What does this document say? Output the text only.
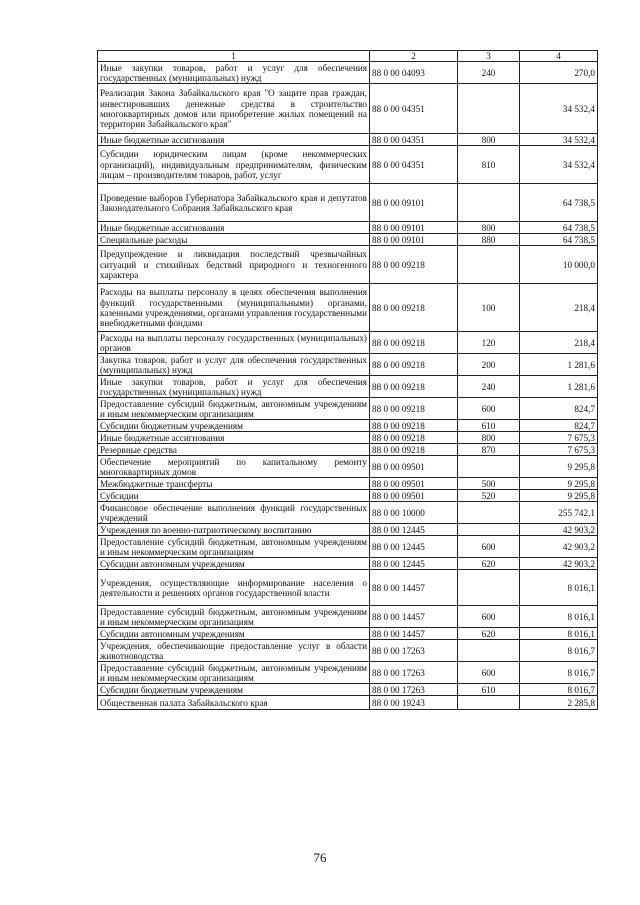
1	2	3	4
Иные закупки товаров, работ и услуг для обеспечения государственных (муниципальных) нужд	88 0 00 04093	240	270,0
Реализация Закона Забайкальского края "О защите прав граждан, инвестировавших денежные средства в строительство многоквартирных домов или приобретение жилых помещений на территории Забайкальского края"	88 0 00 04351		34 532,4
Иные бюджетные ассигнования	88 0 00 04351	800	34 532,4
Субсидии юридическим лицам (кроме некоммерческих организаций), индивидуальным предпринимателям, физическим лицам – производителям товаров, работ, услуг	88 0 00 04351	810	34 532,4
Проведение выборов Губернатора Забайкальского края и депутатов Законодательного Собрания Забайкальского края	88 0 00 09101		64 738,5
Иные бюджетные ассигнования	88 0 00 09101	800	64 738,5
Специальные расходы	88 0 00 09101	880	64 738,5
Предупреждение и ликвидация последствий чрезвычайных ситуаций и стихийных бедствий природного и техногенного характера	88 0 00 09218		10 000,0
Расходы на выплаты персоналу в целях обеспечения выполнения функций государственными (муниципальными) органами, казенными учреждениями, органами управления государственными внебюджетными фондами	88 0 00 09218	100	218,4
Расходы на выплаты персоналу государственных (муниципальных) органов	88 0 00 09218	120	218,4
Закупка товаров, работ и услуг для обеспечения государственных (муниципальных) нужд	88 0 00 09218	200	1 281,6
Иные закупки товаров, работ и услуг для обеспечения государственных (муниципальных) нужд	88 0 00 09218	240	1 281,6
Предоставление субсидий бюджетным, автономным учреждениям и иным некоммерческим организациям	88 0 00 09218	600	824,7
Субсидии бюджетным учреждениям	88 0 00 09218	610	824,7
Иные бюджетные ассигнования	88 0 00 09218	800	7 675,3
Резервные средства	88 0 00 09218	870	7 675,3
Обеспечение мероприятий по капитальному ремонту многоквартирных домов	88 0 00 09501		9 295,8
Межбюджетные трансферты	88 0 00 09501	500	9 295,8
Субсидии	88 0 00 09501	520	9 295,8
Финансовое обеспечение выполнения функций государственных учреждений	88 0 00 10000		255 742,1
Учреждения по военно-патриотическому воспитанию	88 0 00 12445		42 903,2
Предоставление субсидий бюджетным, автономным учреждениям и иным некоммерческим организациям	88 0 00 12445	600	42 903,2
Субсидии автономным учреждениям	88 0 00 12445	620	42 903,2
Учреждения, осуществляющие информирование населения о деятельности и решениях органов государственной власти	88 0 00 14457		8 016,1
Предоставление субсидий бюджетным, автономным учреждениям и иным некоммерческим организациям	88 0 00 14457	600	8 016,1
Субсидии автономным учреждениям	88 0 00 14457	620	8 016,1
Учреждения, обеспечивающие предоставление услуг в области животноводства	88 0 00 17263		8 016,7
Предоставление субсидий бюджетным, автономным учреждениям и иным некоммерческим организациям	88 0 00 17263	600	8 016,7
Субсидии бюджетным учреждениям	88 0 00 17263	610	8 016,7
Общественная палата Забайкальского края	88 0 00 19243		2 285,8
76
